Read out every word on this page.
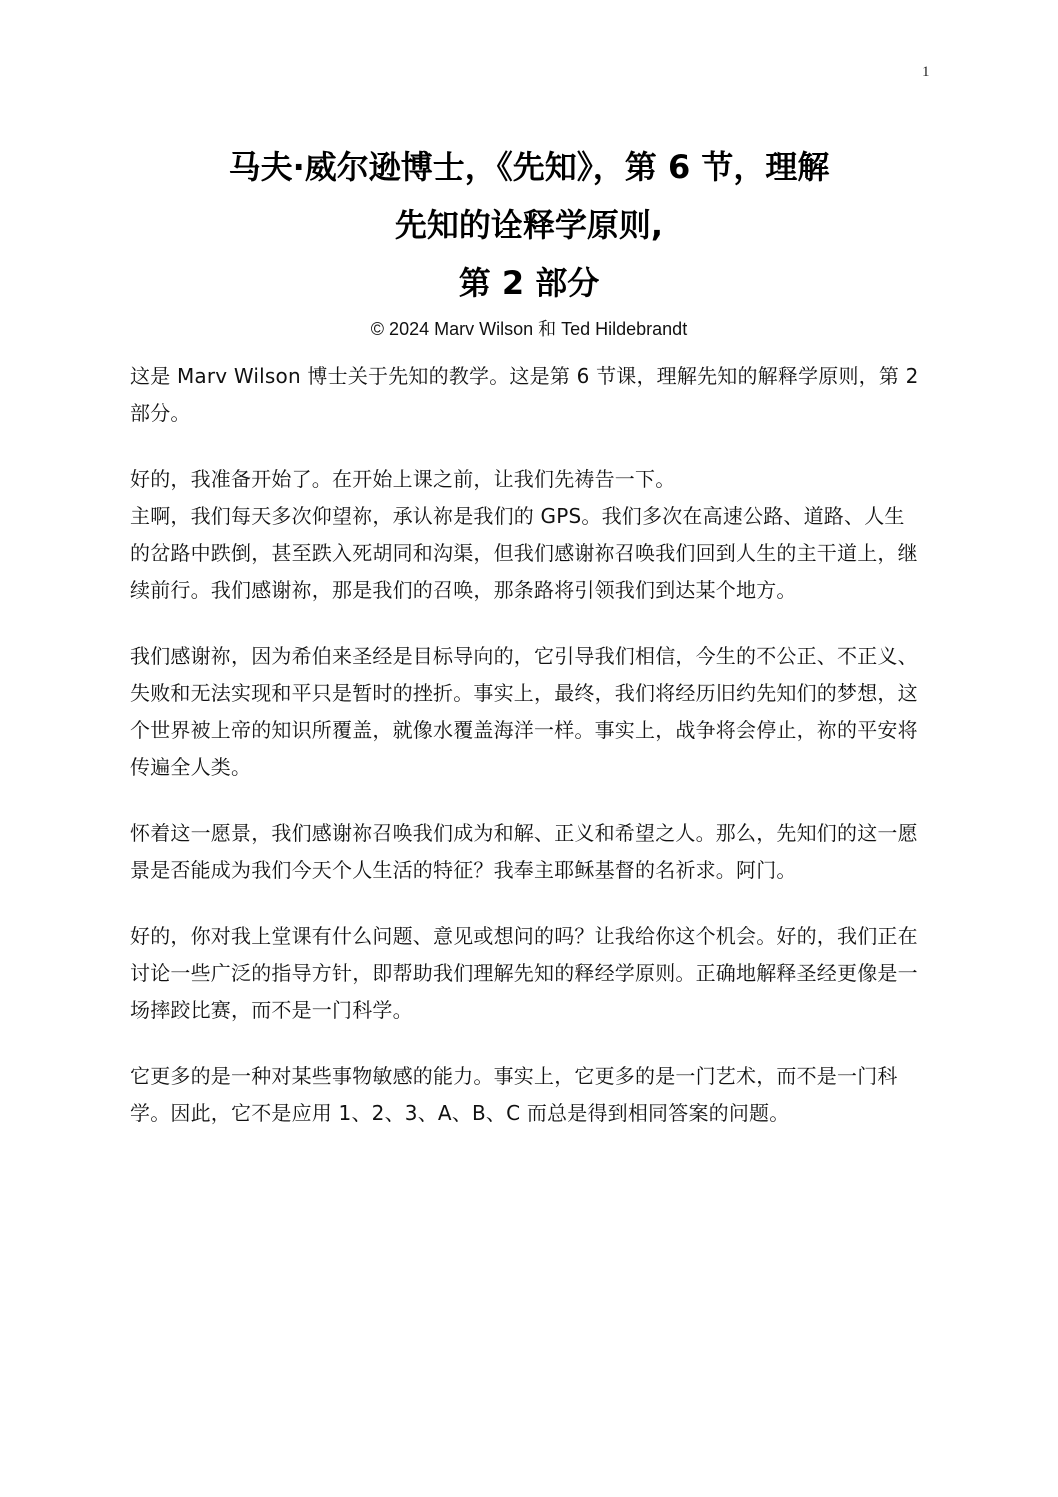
1
马夫·威尔逊博士，《先知》，第 6 节，理解
先知的诠释学原则,
第 2 部分
© 2024 Marv Wilson 和 Ted Hildebrandt

这是 Marv Wilson 博士关于先知的教学。这是第 6 节课，理解先知的解释学原则，第 2 部分。

好的，我准备开始了。在开始上课之前，让我们先祷告一下。

主啊，我们每天多次仰望祢，承认祢是我们的 GPS。我们多次在高速公路、道路、人生的岔路中跌倒，甚至跌入死胡同和沟渠，但我们感谢祢召唤我们回到人生的主干道上，继续前行。我们感谢祢，那是我们的召唤，那条路将引领我们到达某个地方。

我们感谢祢，因为希伯来圣经是目标导向的，它引导我们相信，今生的不公正、不正义、失败和无法实现和平只是暂时的挫折。事实上，最终，我们将经历旧约先知们的梦想，这个世界被上帝的知识所覆盖，就像水覆盖海洋一样。事实上，战争将会停止，祢的平安将传遍全人类。

怀着这一愿景，我们感谢祢召唤我们成为和解、正义和希望之人。那么，先知们的这一愿景是否能成为我们今天个人生活的特征？我奉主耶稣基督的名祈求。阿门。

好的，你对我上堂课有什么问题、意见或想问的吗？让我给你这个机会。好的，我们正在讨论一些广泛的指导方针，即帮助我们理解先知的释经学原则。正确地解释圣经更像是一场摔跤比赛，而不是一门科学。

它更多的是一种对某些事物敏感的能力。事实上，它更多的是一门艺术，而不是一门科学。因此，它不是应用 1、2、3、A、B、C 而总是得到相同答案的问题。
